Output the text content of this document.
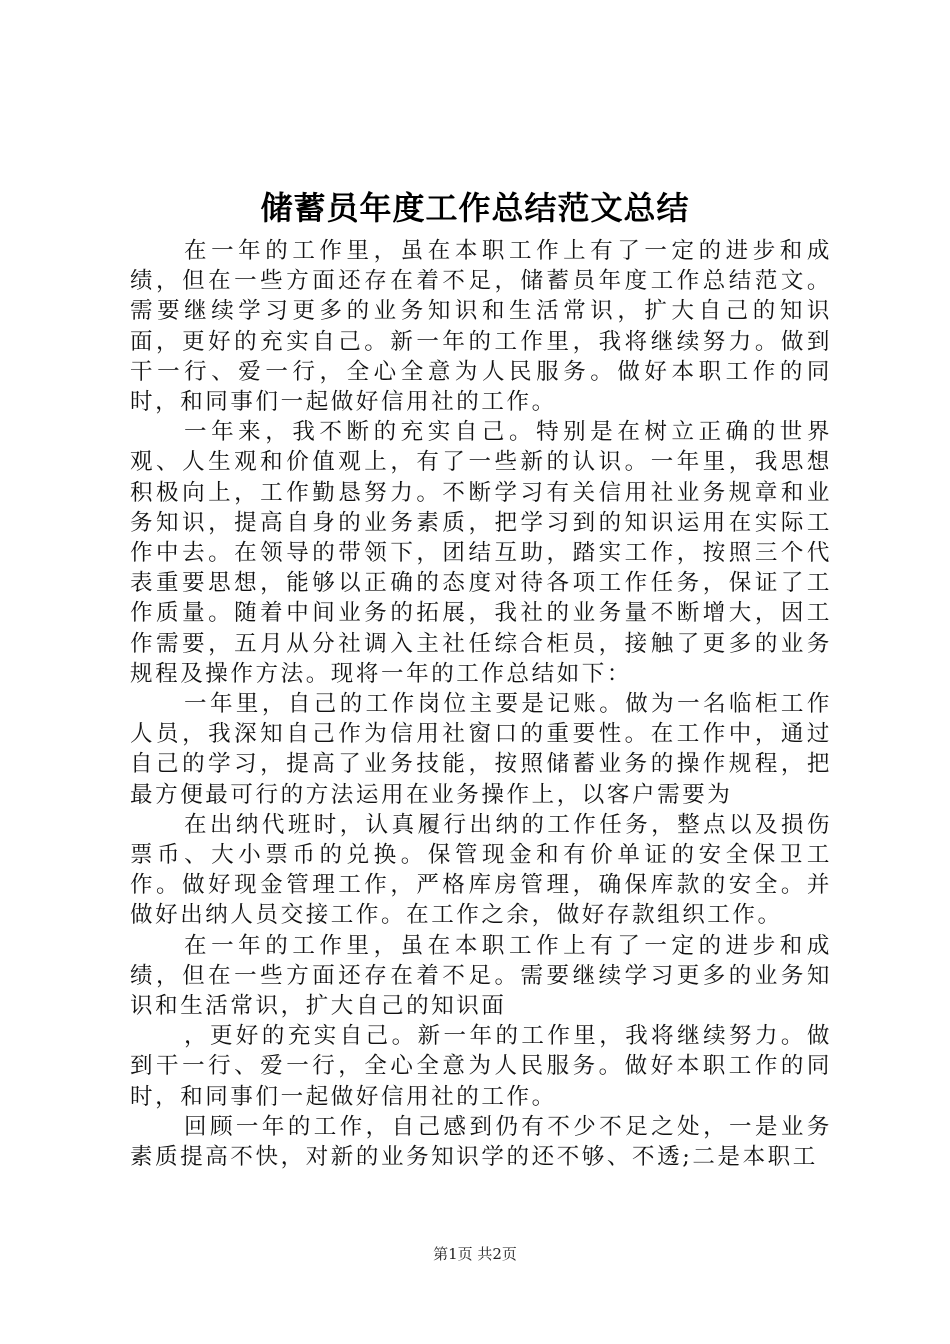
储蓄员年度工作总结范文总结

在一年的工作里，虽在本职工作上有了一定的进步和成绩，但在一些方面还存在着不足，储蓄员年度工作总结范文。需要继续学习更多的业务知识和生活常识，扩大自己的知识面，更好的充实自己。新一年的工作里，我将继续努力。做到干一行、爱一行，全心全意为人民服务。做好本职工作的同时，和同事们一起做好信用社的工作。

一年来，我不断的充实自己。特别是在树立正确的世界观、人生观和价值观上，有了一些新的认识。一年里，我思想积极向上，工作勤恳努力。不断学习有关信用社业务规章和业务知识，提高自身的业务素质，把学习到的知识运用在实际工作中去。在领导的带领下，团结互助，踏实工作，按照三个代表重要思想，能够以正确的态度对待各项工作任务，保证了工作质量。随着中间业务的拓展，我社的业务量不断增大，因工作需要，五月从分社调入主社任综合柜员，接触了更多的业务规程及操作方法。现将一年的工作总结如下：

一年里，自己的工作岗位主要是记账。做为一名临柜工作人员，我深知自己作为信用社窗口的重要性。在工作中，通过自己的学习，提高了业务技能，按照储蓄业务的操作规程，把最方便最可行的方法运用在业务操作上，以客户需要为

在出纳代班时，认真履行出纳的工作任务，整点以及损伤票币、大小票币的兑换。保管现金和有价单证的安全保卫工作。做好现金管理工作，严格库房管理，确保库款的安全。并做好出纳人员交接工作。在工作之余，做好存款组织工作。

在一年的工作里，虽在本职工作上有了一定的进步和成绩，但在一些方面还存在着不足。需要继续学习更多的业务知识和生活常识，扩大自己的知识面

，更好的充实自己。新一年的工作里，我将继续努力。做到干一行、爱一行，全心全意为人民服务。做好本职工作的同时，和同事们一起做好信用社的工作。

回顾一年的工作，自己感到仍有不少不足之处，一是业务素质提高不快，对新的业务知识学的还不够、不透;二是本职工

第1页 共2页
